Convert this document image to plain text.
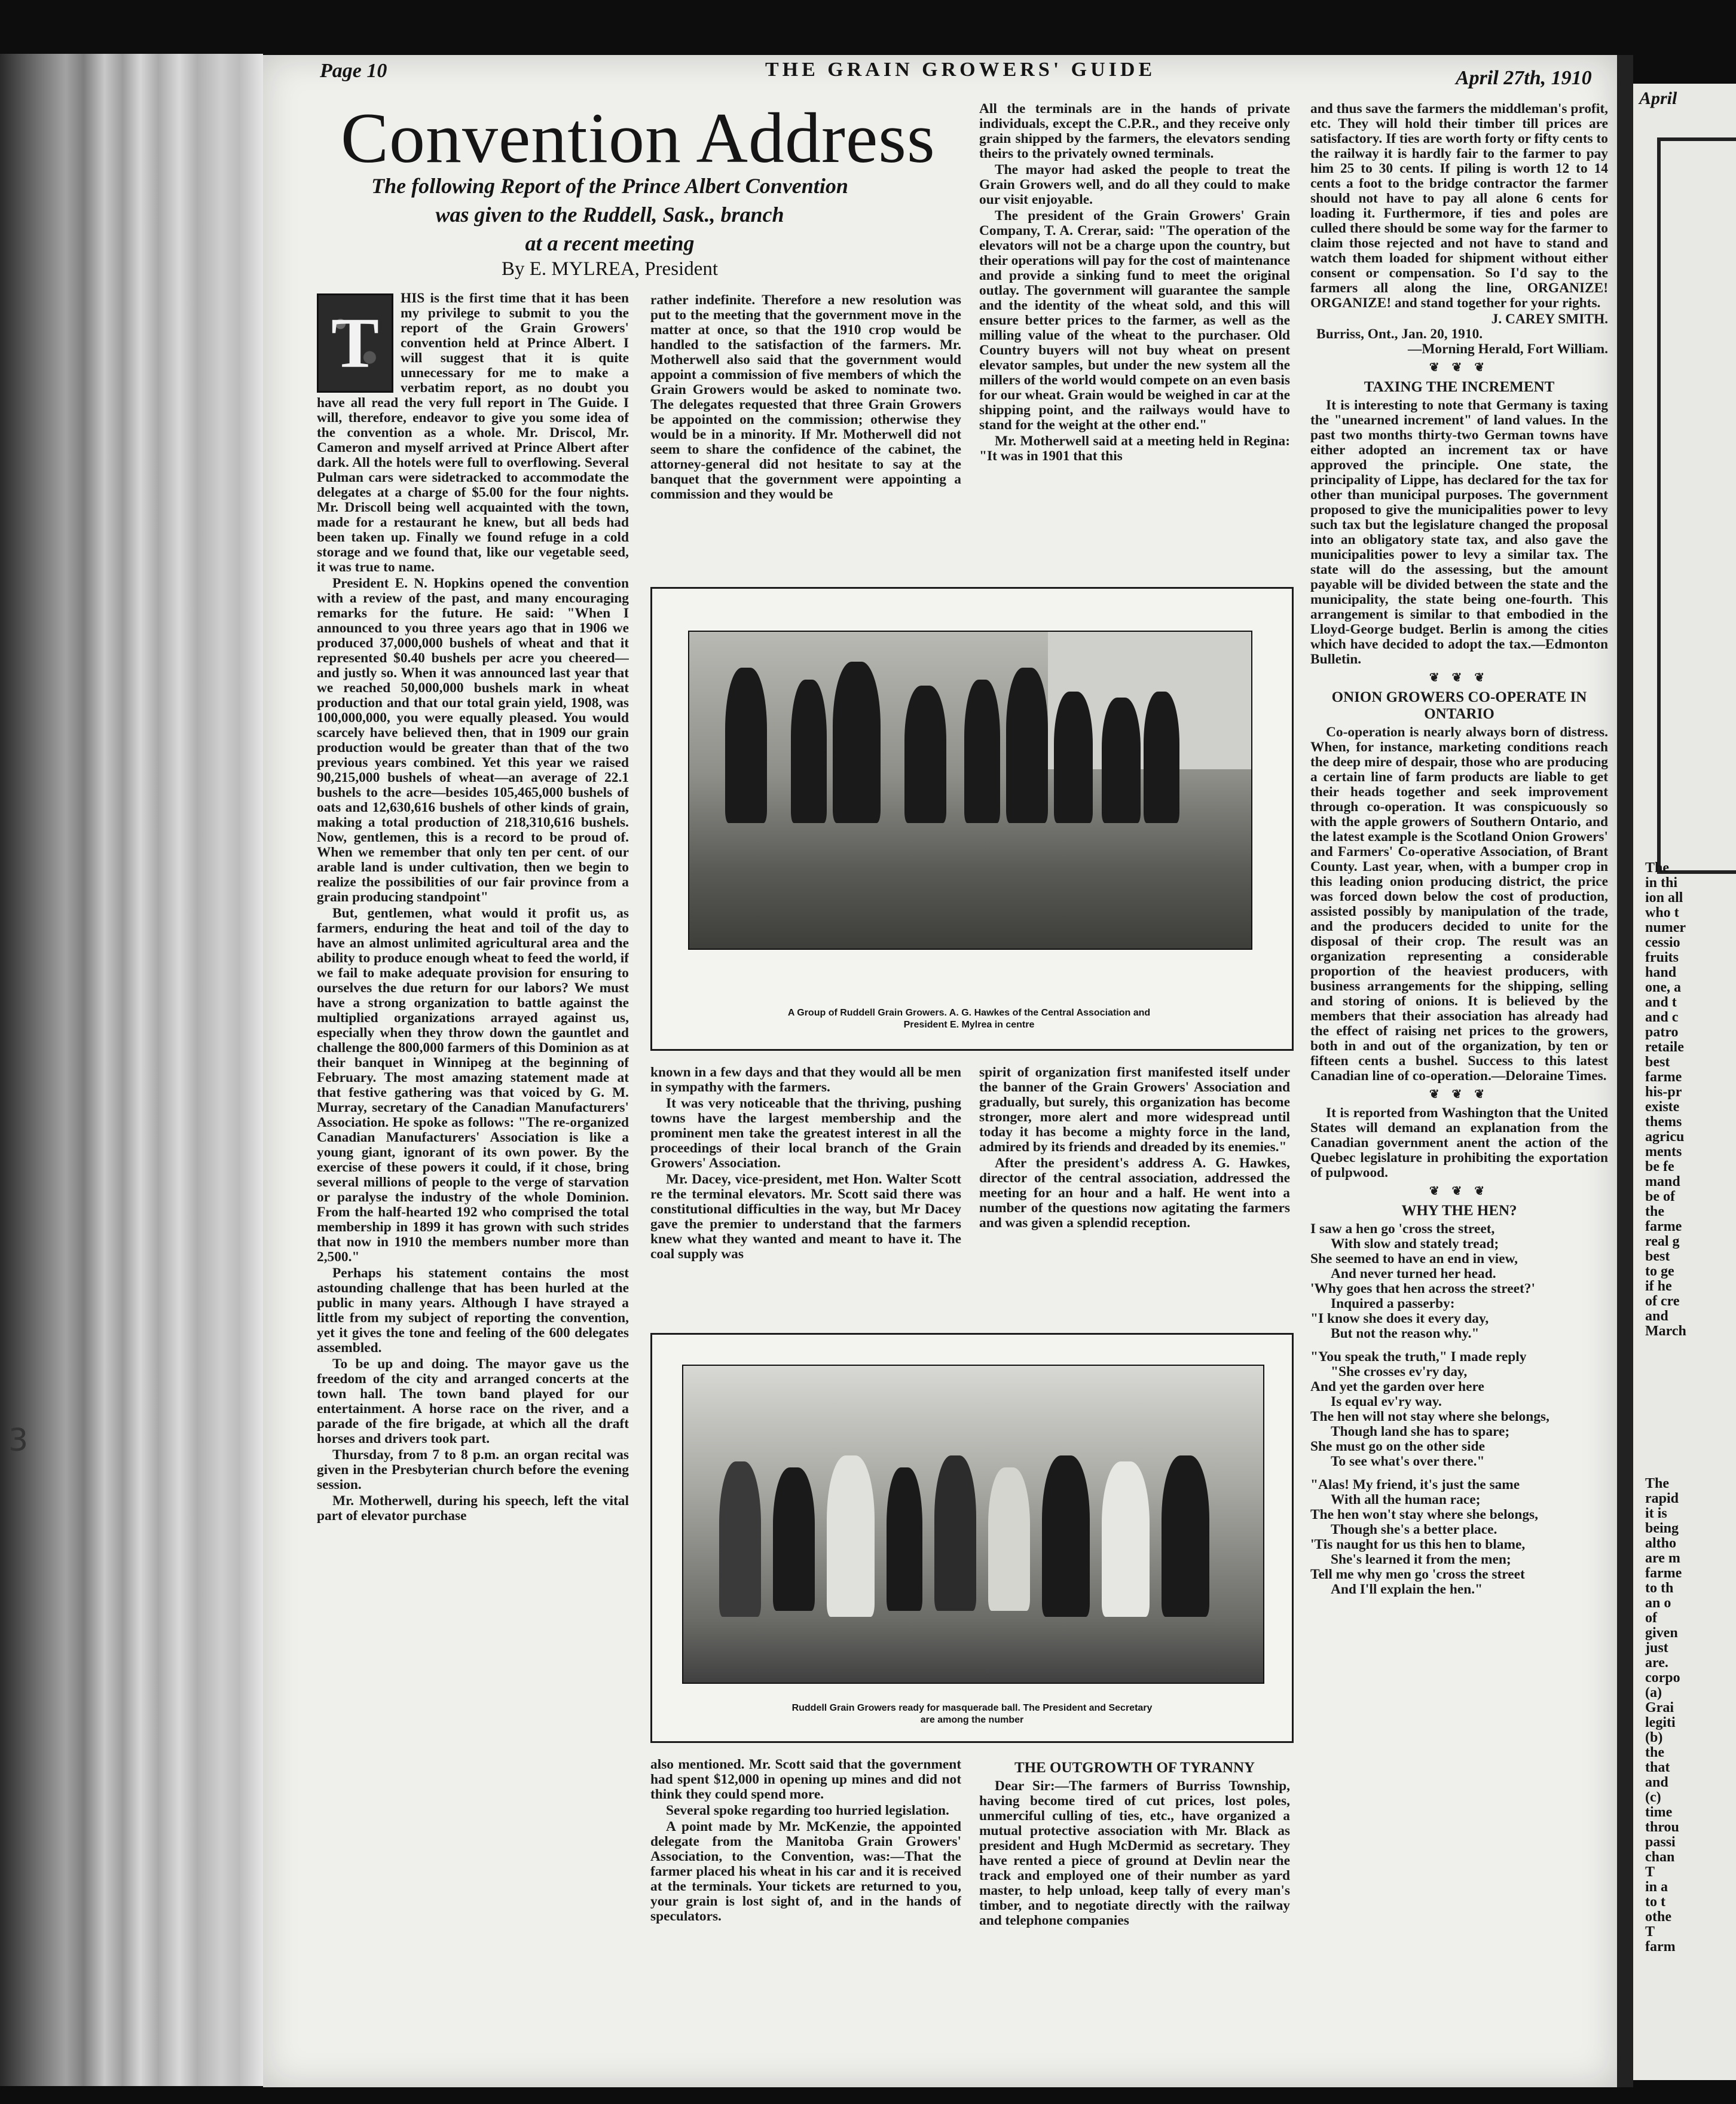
3
Page 10	THE GRAIN GROWERS' GUIDE	April 27th, 1910
Convention Address
The following Report of the Prince Albert Convention
was given to the Ruddell, Sask., branch
at a recent meeting
By E. MYLREA, President
T

HIS is the first time that it has been my privilege to submit to you the report of the Grain Growers' convention held at Prince Albert. I will suggest that it is quite unnecessary for me to make a verbatim report, as no doubt you have all read the very full report in The Guide. I will, therefore, endeavor to give you some idea of the convention as a whole. Mr. Driscol, Mr. Cameron and myself arrived at Prince Albert after dark. All the hotels were full to overflowing. Several Pulman cars were sidetracked to accommodate the delegates at a charge of $5.00 for the four nights. Mr. Driscoll being well acquainted with the town, made for a restaurant he knew, but all beds had been taken up. Finally we found refuge in a cold storage and we found that, like our vegetable seed, it was true to name.

President E. N. Hopkins opened the convention with a review of the past, and many encouraging remarks for the future. He said: "When I announced to you three years ago that in 1906 we produced 37,000,000 bushels of wheat and that it represented $0.40 bushels per acre you cheered—and justly so. When it was announced last year that we reached 50,000,000 bushels mark in wheat production and that our total grain yield, 1908, was 100,000,000, you were equally pleased. You would scarcely have believed then, that in 1909 our grain production would be greater than that of the two previous years combined. Yet this year we raised 90,215,000 bushels of wheat—an average of 22.1 bushels to the acre—besides 105,465,000 bushels of oats and 12,630,616 bushels of other kinds of grain, making a total production of 218,310,616 bushels. Now, gentlemen, this is a record to be proud of. When we remember that only ten per cent. of our arable land is under cultivation, then we begin to realize the possibilities of our fair province from a grain producing standpoint"

But, gentlemen, what would it profit us, as farmers, enduring the heat and toil of the day to have an almost unlimited agricultural area and the ability to produce enough wheat to feed the world, if we fail to make adequate provision for ensuring to ourselves the due return for our labors? We must have a strong organization to battle against the multiplied organizations arrayed against us, especially when they throw down the gauntlet and challenge the 800,000 farmers of this Dominion as at their banquet in Winnipeg at the beginning of February. The most amazing statement made at that festive gathering was that voiced by G. M. Murray, secretary of the Canadian Manufacturers' Association. He spoke as follows: "The re-organized Canadian Manufacturers' Association is like a young giant, ignorant of its own power. By the exercise of these powers it could, if it chose, bring several millions of people to the verge of starvation or paralyse the industry of the whole Dominion. From the half-hearted 192 who comprised the total membership in 1899 it has grown with such strides that now in 1910 the members number more than 2,500."

Perhaps his statement contains the most astounding challenge that has been hurled at the public in many years. Although I have strayed a little from my subject of reporting the convention, yet it gives the tone and feeling of the 600 delegates assembled.

To be up and doing. The mayor gave us the freedom of the city and arranged concerts at the town hall. The town band played for our entertainment. A horse race on the river, and a parade of the fire brigade, at which all the draft horses and drivers took part.

Thursday, from 7 to 8 p.m. an organ recital was given in the Presbyterian church before the evening session.

Mr. Motherwell, during his speech, left the vital part of elevator purchase

rather indefinite. Therefore a new resolution was put to the meeting that the government move in the matter at once, so that the 1910 crop would be handled to the satisfaction of the farmers. Mr. Motherwell also said that the government would appoint a commission of five members of which the Grain Growers would be asked to nominate two. The delegates requested that three Grain Growers be appointed on the commission; otherwise they would be in a minority. If Mr. Motherwell did not seem to share the confidence of the cabinet, the attorney-general did not hesitate to say at the banquet that the government were appointing a commission and they would be

All the terminals are in the hands of private individuals, except the C.P.R., and they receive only grain shipped by the farmers, the elevators sending theirs to the privately owned terminals.

The mayor had asked the people to treat the Grain Growers well, and do all they could to make our visit enjoyable.

The president of the Grain Growers' Grain Company, T. A. Crerar, said: "The operation of the elevators will not be a charge upon the country, but their operations will pay for the cost of maintenance and provide a sinking fund to meet the original outlay. The government will guarantee the sample and the identity of the wheat sold, and this will ensure better prices to the farmer, as well as the milling value of the wheat to the purchaser. Old Country buyers will not buy wheat on present elevator samples, but under the new system all the millers of the world would compete on an even basis for our wheat. Grain would be weighed in car at the shipping point, and the railways would have to stand for the weight at the other end."

Mr. Motherwell said at a meeting held in Regina: "It was in 1901 that this

A Group of Ruddell Grain Growers. A. G. Hawkes of the Central Association and
President E. Mylrea in centre

known in a few days and that they would all be men in sympathy with the farmers.

It was very noticeable that the thriving, pushing towns have the largest membership and the prominent men take the greatest interest in all the proceedings of their local branch of the Grain Growers' Association.

Mr. Dacey, vice-president, met Hon. Walter Scott re the terminal elevators. Mr. Scott said there was constitutional difficulties in the way, but Mr Dacey gave the premier to understand that the farmers knew what they wanted and meant to have it. The coal supply was

spirit of organization first manifested itself under the banner of the Grain Growers' Association and gradually, but surely, this organization has become stronger, more alert and more widespread until today it has become a mighty force in the land, admired by its friends and dreaded by its enemies."

After the president's address A. G. Hawkes, director of the central association, addressed the meeting for an hour and a half. He went into a number of the questions now agitating the farmers and was given a splendid reception.

Ruddell Grain Growers ready for masquerade ball. The President and Secretary
are among the number

also mentioned. Mr. Scott said that the government had spent $12,000 in opening up mines and did not think they could spend more.

Several spoke regarding too hurried legislation.

A point made by Mr. McKenzie, the appointed delegate from the Manitoba Grain Growers' Association, to the Convention, was:—That the farmer placed his wheat in his car and it is received at the terminals. Your tickets are returned to you, your grain is lost sight of, and in the hands of speculators.

THE OUTGROWTH OF TYRANNY

Dear Sir:—The farmers of Burriss Township, having become tired of cut prices, lost poles, unmerciful culling of ties, etc., have organized a mutual protective association with Mr. Black as president and Hugh McDermid as secretary. They have rented a piece of ground at Devlin near the track and employed one of their number as yard master, to help unload, keep tally of every man's timber, and to negotiate directly with the railway and telephone companies

and thus save the farmers the middleman's profit, etc. They will hold their timber till prices are satisfactory. If ties are worth forty or fifty cents to the railway it is hardly fair to the farmer to pay him 25 to 30 cents. If piling is worth 12 to 14 cents a foot to the bridge contractor the farmer should not have to pay all alone 6 cents for loading it. Furthermore, if ties and poles are culled there should be some way for the farmer to claim those rejected and not have to stand and watch them loaded for shipment without either consent or compensation. So I'd say to the farmers all along the line, ORGANIZE! ORGANIZE! and stand together for your rights.

J. CAREY SMITH.
Burriss, Ont., Jan. 20, 1910.
—Morning Herald, Fort William.
❦ ❦ ❦
TAXING THE INCREMENT

It is interesting to note that Germany is taxing the "unearned increment" of land values. In the past two months thirty-two German towns have either adopted an increment tax or have approved the principle. One state, the principality of Lippe, has declared for the tax for other than municipal purposes. The government proposed to give the municipalities power to levy such tax but the legislature changed the proposal into an obligatory state tax, and also gave the municipalities power to levy a similar tax. The state will do the assessing, but the amount payable will be divided between the state and the municipality, the state being one-fourth. This arrangement is similar to that embodied in the Lloyd-George budget. Berlin is among the cities which have decided to adopt the tax.—Edmonton Bulletin.

❦ ❦ ❦
ONION GROWERS CO-OPERATE IN
ONTARIO

Co-operation is nearly always born of distress. When, for instance, marketing conditions reach the deep mire of despair, those who are producing a certain line of farm products are liable to get their heads together and seek improvement through co-operation. It was conspicuously so with the apple growers of Southern Ontario, and the latest example is the Scotland Onion Growers' and Farmers' Co-operative Association, of Brant County. Last year, when, with a bumper crop in this leading onion producing district, the price was forced down below the cost of production, assisted possibly by manipulation of the trade, and the producers decided to unite for the disposal of their crop. The result was an organization representing a considerable proportion of the heaviest producers, with business arrangements for the shipping, selling and storing of onions. It is believed by the members that their association has already had the effect of raising net prices to the growers, both in and out of the organization, by ten or fifteen cents a bushel. Success to this latest Canadian line of co-operation.—Deloraine Times.

❦ ❦ ❦

It is reported from Washington that the United States will demand an explanation from the Canadian government anent the action of the Quebec legislature in prohibiting the exportation of pulpwood.

❦ ❦ ❦
WHY THE HEN?
I saw a hen go 'cross the street,
With slow and stately tread;
She seemed to have an end in view,
And never turned her head.
'Why goes that hen across the street?'
Inquired a passerby:
"I know she does it every day,
But not the reason why."
"You speak the truth," I made reply
"She crosses ev'ry day,
And yet the garden over here
Is equal ev'ry way.
The hen will not stay where she belongs,
Though land she has to spare;
She must go on the other side
To see what's over there."
"Alas! My friend, it's just the same
With all the human race;
The hen won't stay where she belongs,
Though she's a better place.
'Tis naught for us this hen to blame,
She's learned it from the men;
Tell me why men go 'cross the street
And I'll explain the hen."
April
The
in thi
ion all
who t
numer
cessio
fruits
hand
one, a
and t
and c
patro
retaile
best
farme
his-pr
existe
thems
agricu
ments
be fe
mand
be of
the
farme
real g
best
to ge
if he
of cre
and
March
The
rapid
it is
being
altho
are m
farme
to th
an o
of
given
just
are.
corpo
(a)
Grai
legiti
(b)
the
that
and
(c)
time
throu
passi
chan
T
in a
to t
othe
T
farm
